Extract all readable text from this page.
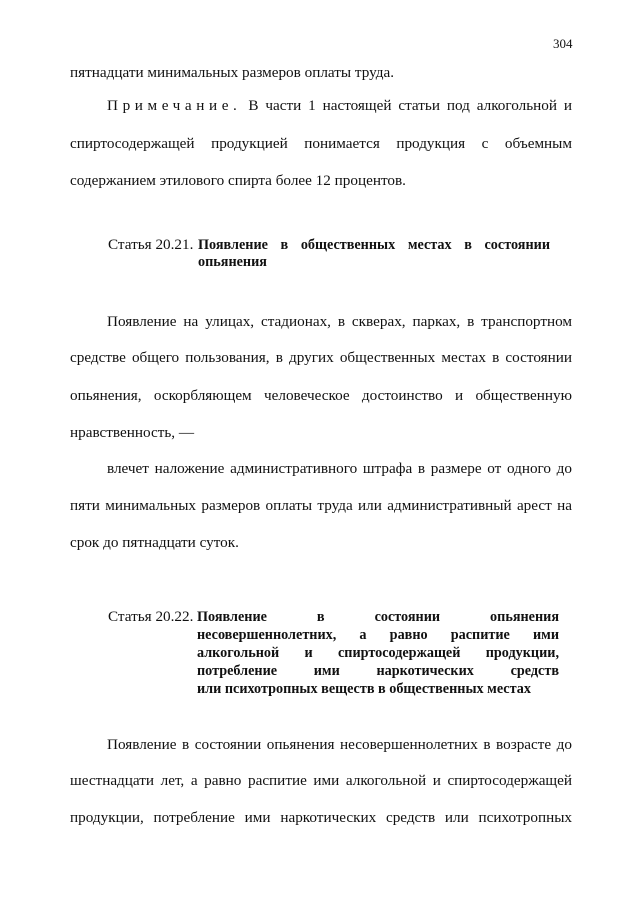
304
пятнадцати минимальных размеров оплаты труда.
Примечание. В части 1 настоящей статьи под алкогольной и
спиртосодержащей продукцией понимается продукция с объемным
содержанием этилового спирта более 12 процентов.
Статья 20.21. Появление в общественных местах в состоянии
опьянения
Появление на улицах, стадионах, в скверах, парках, в транспортном
средстве общего пользования, в других общественных местах в состоянии
опьянения, оскорбляющем человеческое достоинство и общественную
нравственность, —
влечет наложение административного штрафа в размере от одного до
пяти минимальных размеров оплаты труда или административный арест на
срок до пятнадцати суток.
Статья 20.22. Появление в состоянии опьянения
несовершеннолетних, а равно распитие ими
алкогольной и спиртосодержащей продукции,
потребление ими наркотических средств
или психотропных веществ в общественных местах
Появление в состоянии опьянения несовершеннолетних в возрасте до
шестнадцати лет, а равно распитие ими алкогольной и спиртосодержащей
продукции, потребление ими наркотических средств или психотропных
